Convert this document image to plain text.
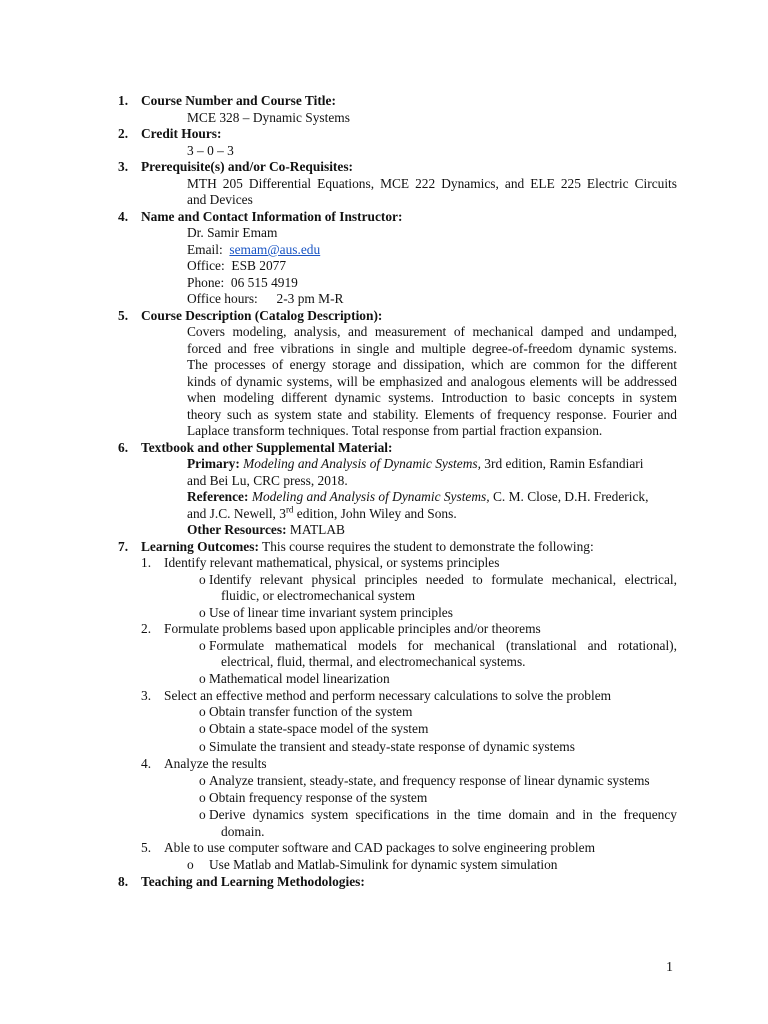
1. Course Number and Course Title:
MCE 328 – Dynamic Systems
2. Credit Hours:
3 – 0 – 3
3. Prerequisite(s) and/or Co-Requisites:
MTH 205 Differential Equations, MCE 222 Dynamics, and ELE 225 Electric Circuits
and Devices
4. Name and Contact Information of Instructor:
Dr. Samir Emam
Email: semam@aus.edu
Office: ESB 2077
Phone: 06 515 4919
Office hours: 2-3 pm M-R
5. Course Description (Catalog Description):
Covers modeling, analysis, and measurement of mechanical damped and undamped,
forced and free vibrations in single and multiple degree-of-freedom dynamic systems.
The processes of energy storage and dissipation, which are common for the different
kinds of dynamic systems, will be emphasized and analogous elements will be addressed
when modeling different dynamic systems. Introduction to basic concepts in system
theory such as system state and stability. Elements of frequency response. Fourier and
Laplace transform techniques. Total response from partial fraction expansion.
6. Textbook and other Supplemental Material:
Primary: Modeling and Analysis of Dynamic Systems, 3rd edition, Ramin Esfandiari
and Bei Lu, CRC press, 2018.
Reference: Modeling and Analysis of Dynamic Systems, C. M. Close, D.H. Frederick,
and J.C. Newell, 3rd edition, John Wiley and Sons.
Other Resources: MATLAB
7. Learning Outcomes: This course requires the student to demonstrate the following:
1. Identify relevant mathematical, physical, or systems principles
o Identify relevant physical principles needed to formulate mechanical, electrical,
fluidic, or electromechanical system
o Use of linear time invariant system principles
2. Formulate problems based upon applicable principles and/or theorems
o Formulate mathematical models for mechanical (translational and rotational),
electrical, fluid, thermal, and electromechanical systems.
o Mathematical model linearization
3. Select an effective method and perform necessary calculations to solve the problem
o Obtain transfer function of the system
o Obtain a state-space model of the system
o Simulate the transient and steady-state response of dynamic systems
4. Analyze the results
o Analyze transient, steady-state, and frequency response of linear dynamic systems
o Obtain frequency response of the system
o Derive dynamics system specifications in the time domain and in the frequency
domain.
5. Able to use computer software and CAD packages to solve engineering problem
o Use Matlab and Matlab-Simulink for dynamic system simulation
8. Teaching and Learning Methodologies:
1
